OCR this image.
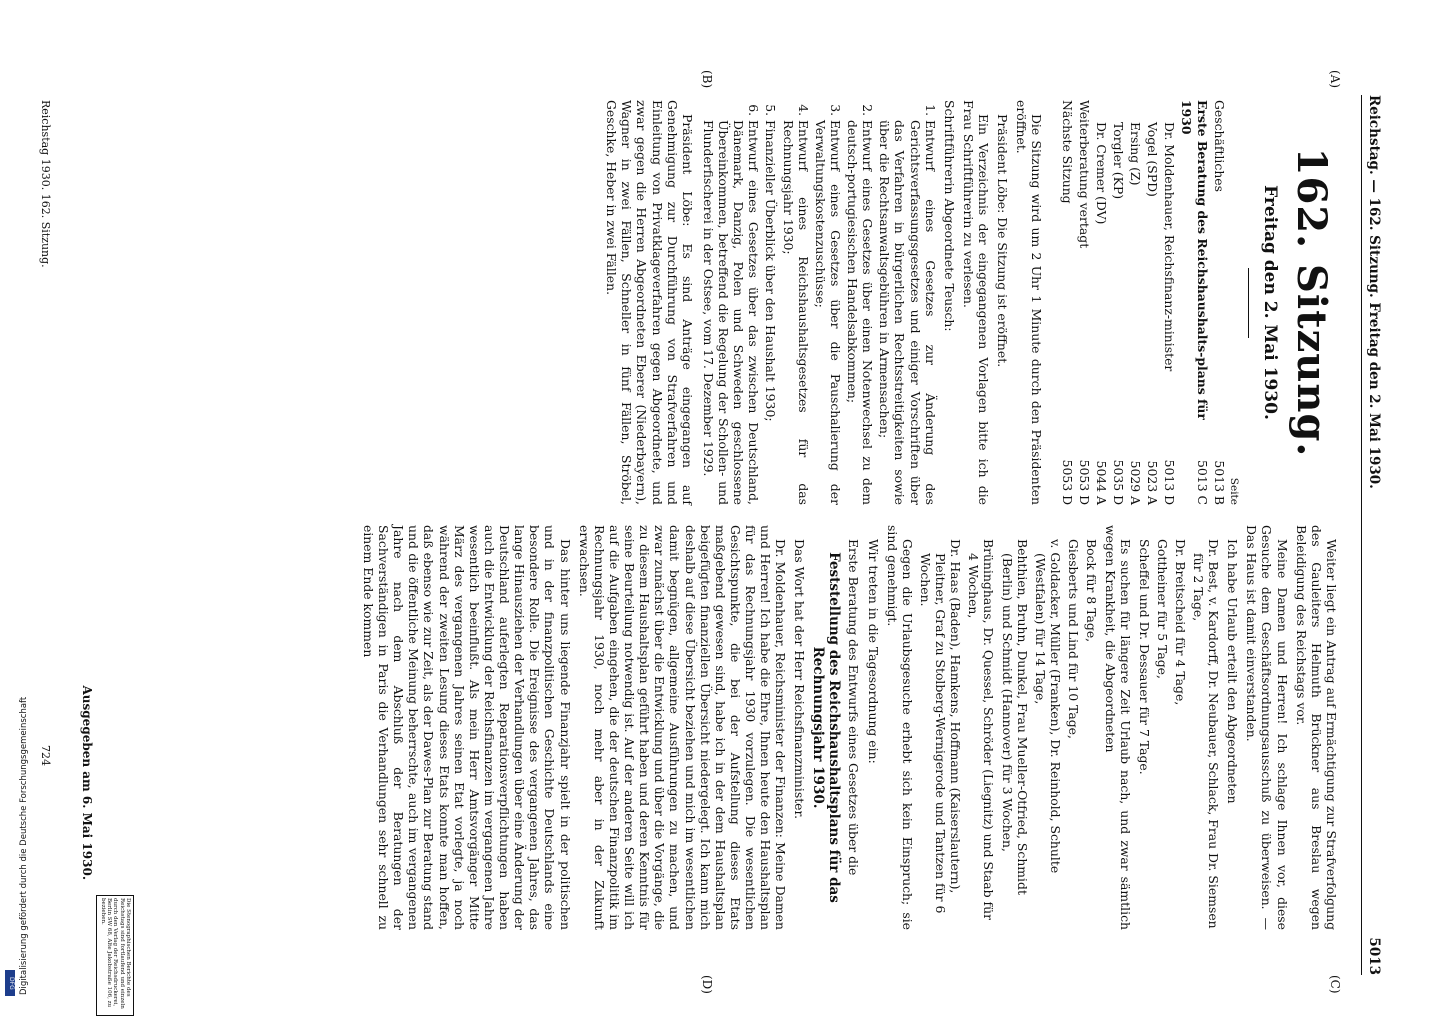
Reichstag. — 162. Sitzung. Freitag den 2. Mai 1930.
5013
(A)
(B)
(C)
(D)
162. Sitzung.
Freitag den 2. Mai 1930.
Seite
Geschäftliches	5013 B
Erste Beratung des Reichshaushalts-plans für 1930	5013 C
Dr. Moldenhauer, Reichsfinanz-minister	5013 D
Vogel (SPD)	5023 A
Ersing (Z)	5029 A
Torgler (KP)	5035 D
Dr. Cremer (DV)	5044 A
Weiterberatung vertagt	5053 D
Nächste Sitzung	5053 D

Die Sitzung wird um 2 Uhr 1 Minute durch den Präsidenten eröffnet.

Präsident Löbe: Die Sitzung ist eröffnet.

Ein Verzeichnis der eingegangenen Vorlagen bitte ich die Frau Schriftführerin zu verlesen.

Schriftführerin Abgeordnete Teusch:

1. Entwurf eines Gesetzes zur Änderung des Gerichtsverfassungsgesetzes und einiger Vorschriften über das Verfahren in bürgerlichen Rechtsstreitigkeiten sowie über die Rechtsanwaltsgebühren in Armensachen;
2. Entwurf eines Gesetzes über einen Notenwechsel zu dem deutsch-portugiesischen Handelsabkommen;
3. Entwurf eines Gesetzes über die Pauschalierung der Verwaltungskostenzuschüsse;
4. Entwurf eines Reichshaushaltsgesetzes für das Rechnungsjahr 1930;
5. Finanzieller Überblick über den Haushalt 1930;
6. Entwurf eines Gesetzes über das zwischen Deutschland, Dänemark, Danzig, Polen und Schweden geschlossene Übereinkommen, betreffend die Regelung der Schollen- und Flunderfischerei in der Ostsee, vom 17. Dezember 1929.

Präsident Löbe: Es sind Anträge eingegangen auf Genehmigung zur Durchführung von Strafverfahren und Einleitung von Privatklageverfahren gegen Abgeordnete, und zwar gegen die Herren Abgeordneten Eberer (Niederbayern), Wagner in zwei Fällen, Schneller in fünf Fällen, Ströbel, Geschke, Heber in zwei Fällen.

Weiter liegt ein Antrag auf Ermächtigung zur Strafverfolgung des Gauleiters Helmuth Brückner aus Breslau wegen Beleidigung des Reichstags vor.

Meine Damen und Herren! Ich schlage Ihnen vor, diese Gesuche dem Geschäftsordnungsausschuß zu überweisen. — Das Haus ist damit einverstanden.

Ich habe Urlaub erteilt den Abgeordneten

Dr. Best, v. Kardorff, Dr. Neubauer, Schlack, Frau Dr. Siemsen für 2 Tage,
Dr. Breitscheid für 4 Tage,
Gottheiner für 5 Tage,
Scheffel und Dr. Dessauer für 7 Tage.

Es suchen für längere Zeit Urlaub nach, und zwar sämtlich wegen Krankheit, die Abgeordneten

Bock für 8 Tage,
Giesberts und Lind für 10 Tage,
v. Goldacker, Müller (Franken), Dr. Reinhold, Schulte (Westfalen) für 14 Tage,
Behthien, Bruhn, Dunkel, Frau Mueller-Otfried, Schmidt (Berlin) und Schmidt (Hannover) für 3 Wochen,
Brüninghaus, Dr. Quessel, Schröder (Liegnitz) und Staab für 4 Wochen,
Dr. Haas (Baden), Hamkens, Hoffmann (Kaiserslautern), Pleitner, Graf zu Stolberg-Wernigerode und Tantzen für 6 Wochen.

Gegen die Urlaubsgesuche erhebt sich kein Einspruch; sie sind genehmigt.

Wir treten in die Tagesordnung ein:

Erste Beratung des Entwurfs eines Gesetzes über die

Feststellung des Reichshaushaltsplans für das Rechnungsjahr 1930.

Das Wort hat der Herr Reichsfinanzminister.

Dr. Moldenhauer, Reichsminister der Finanzen: Meine Damen und Herren! Ich habe die Ehre, Ihnen heute den Haushaltsplan für das Rechnungsjahr 1930 vorzulegen. Die wesentlichen Gesichtspunkte, die bei der Aufstellung dieses Etats maßgebend gewesen sind, habe ich in der dem Haushaltsplan beigefügten finanziellen Übersicht niedergelegt. Ich kann mich deshalb auf diese Übersicht beziehen und mich im wesentlichen damit begnügen, allgemeine Ausführungen zu machen, und zwar zunächst über die Entwicklung und über die Vorgänge, die zu diesem Haushaltsplan geführt haben und deren Kenntnis für seine Beurteilung notwendig ist. Auf der anderen Seite will ich auf die Aufgaben eingehen, die der deutschen Finanzpolitik im Rechnungsjahr 1930, noch mehr aber in der Zukunft erwachsen.

Das hinter uns liegende Finanzjahr spielt in der politischen und in der finanzpolitischen Geschichte Deutschlands eine besondere Rolle. Die Ereignisse des vergangenen Jahres, das lange Hinausziehen der Verhandlungen über eine Änderung der Deutschland auferlegten Reparationsverpflichtungen haben auch die Entwicklung der Reichsfinanzen im vergangenen Jahre wesentlich beeinflußt. Als mein Herr Amtsvorgänger Mitte März des vergangenen Jahres seinen Etat vorlegte, ja noch während der zweiten Lesung dieses Etats konnte man hoffen, daß ebenso wie zur Zeit, als der Dawes-Plan zur Beratung stand und die öffentliche Meinung beherrschte, auch im vergangenen Jahre nach dem Abschluß der Beratungen der Sachverständigen in Paris die Verhandlungen sehr schnell zu einem Ende kommen

Die Stenographischen Berichte des Reichstags sind fortlaufend und einzeln durch den Verlag der Reichsdruckerei, Berlin SW 68, Alte Jakobstraße 106, zu beziehen.
Reichstag 1930. 162. Sitzung.
Ausgegeben am 6. Mai 1930.
724
Digitalisierung gefördert durch die Deutsche Forschungsgemeinschaft
DFG
